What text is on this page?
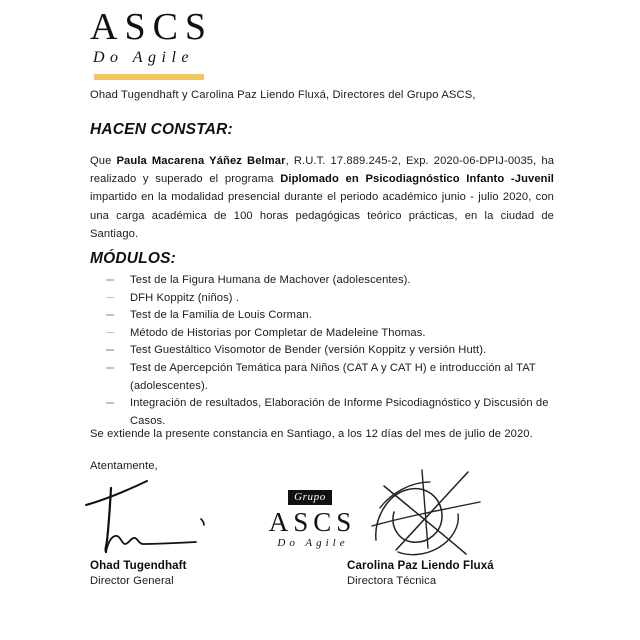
ASCS
Do Agile
Ohad Tugendhaft y Carolina Paz Liendo Fluxá, Directores del Grupo ASCS,
HACEN CONSTAR:
Que Paula Macarena Yáñez Belmar, R.U.T. 17.889.245-2, Exp. 2020-06-DPIJ-0035, ha realizado y superado el programa Diplomado en Psicodiagnóstico Infanto -Juvenil impartido en la modalidad presencial durante el periodo académico junio - julio 2020, con una carga académica de 100 horas pedagógicas teórico prácticas, en la ciudad de Santiago.
MÓDULOS:
Test de la Figura Humana de Machover (adolescentes).
DFH Koppitz (niños) .
Test de la Familia de Louis Corman.
Método de Historias por Completar de Madeleine Thomas.
Test Guestáltico Visomotor de Bender (versión Koppitz y versión Hutt).
Test de Apercepción Temática para Niños (CAT A y CAT H) e introducción al TAT (adolescentes).
Integración de resultados, Elaboración de Informe Psicodiagnóstico y Discusión de Casos.
Se extiende la presente constancia en Santiago, a los 12 días del mes de julio de 2020.
Atentamente,
Grupo
ASCS
Do Agile
Ohad Tugendhaft
Director General
Carolina Paz Liendo Fluxá
Directora Técnica
